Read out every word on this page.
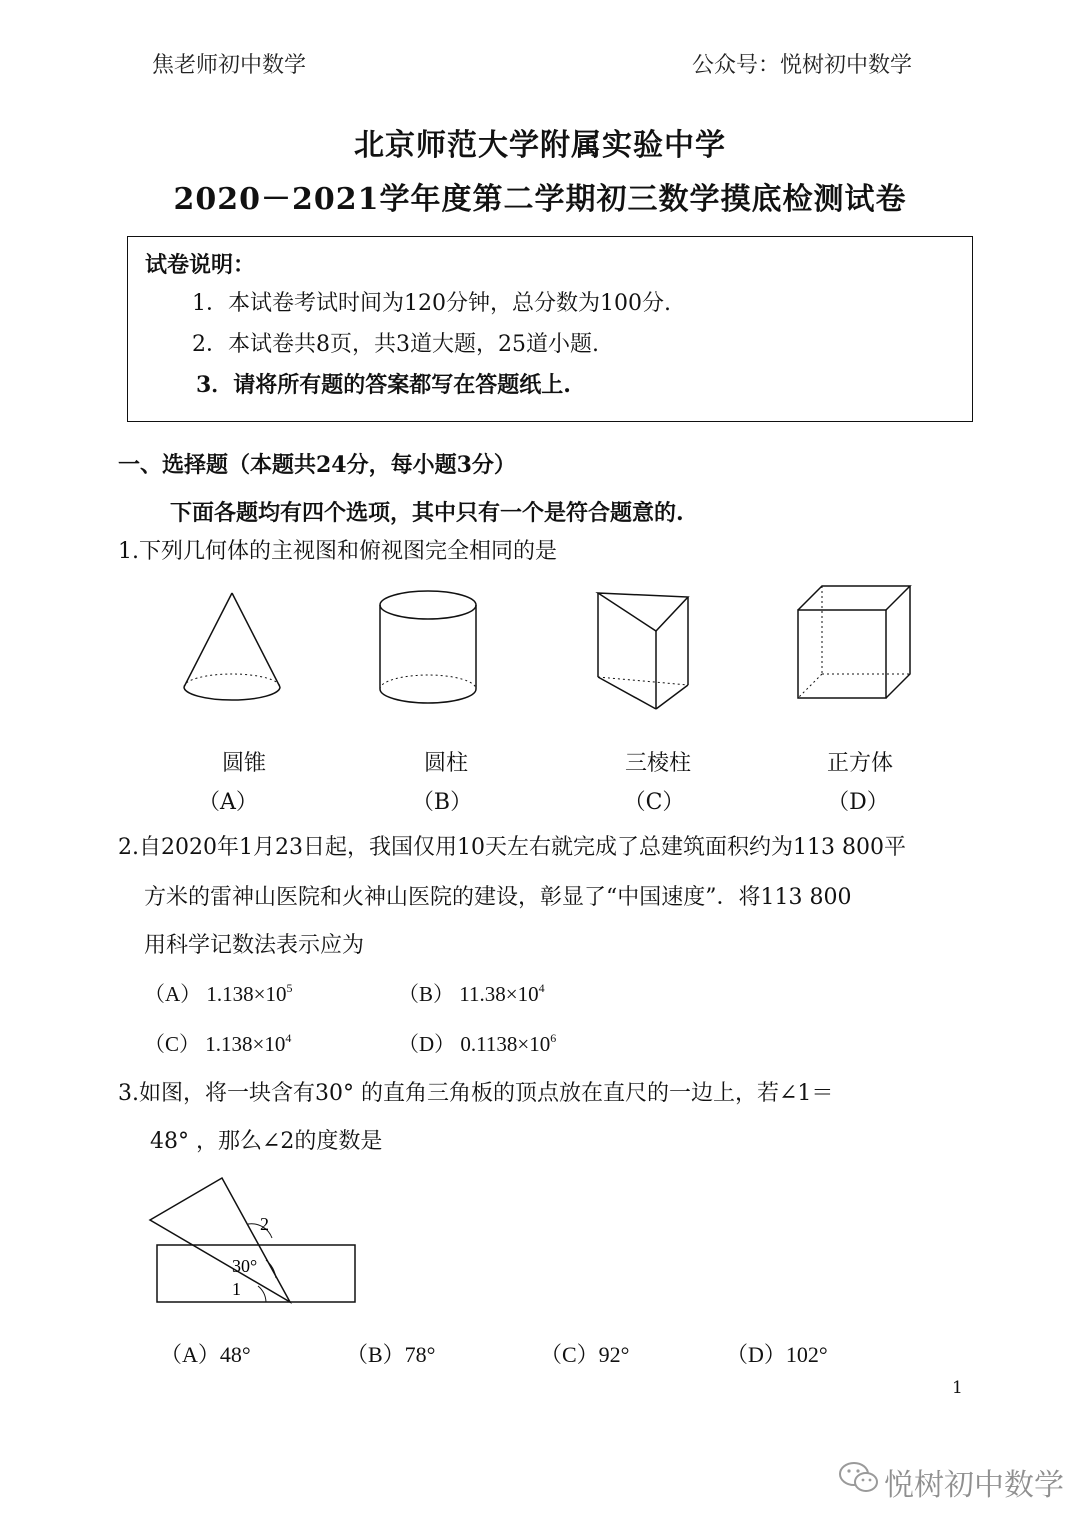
焦老师初中数学	公众号：悦树初中数学
北京师范大学附属实验中学
2020－2021学年度第二学期初三数学摸底检测试卷
试卷说明：
1．本试卷考试时间为120分钟，总分数为100分.
2．本试卷共8页，共3道大题，25道小题.
3．请将所有题的答案都写在答题纸上.
一、选择题（本题共24分，每小题3分）
下面各题均有四个选项，其中只有一个是符合题意的.
1.下列几何体的主视图和俯视图完全相同的是
圆锥	圆柱	三棱柱	正方体
（A）	（B）	（C）	（D）
2.自2020年1月23日起，我国仅用10天左右就完成了总建筑面积约为113 800平
方米的雷神山医院和火神山医院的建设，彰显了“中国速度”．将113 800
用科学记数法表示应为
（A） $1.138\times 10^5$	（B） $11.38\times 10^4$
（C） $1.138\times 10^4$	（D） $0.1138\times 10^6$
3.如图，将一块含有30° 的直角三角板的顶点放在直尺的一边上，若∠1＝
48° ，那么∠2的度数是
2
30°
1
（A）48°	（B）78°	（C）92°	（D）102°
1
悦树初中数学
